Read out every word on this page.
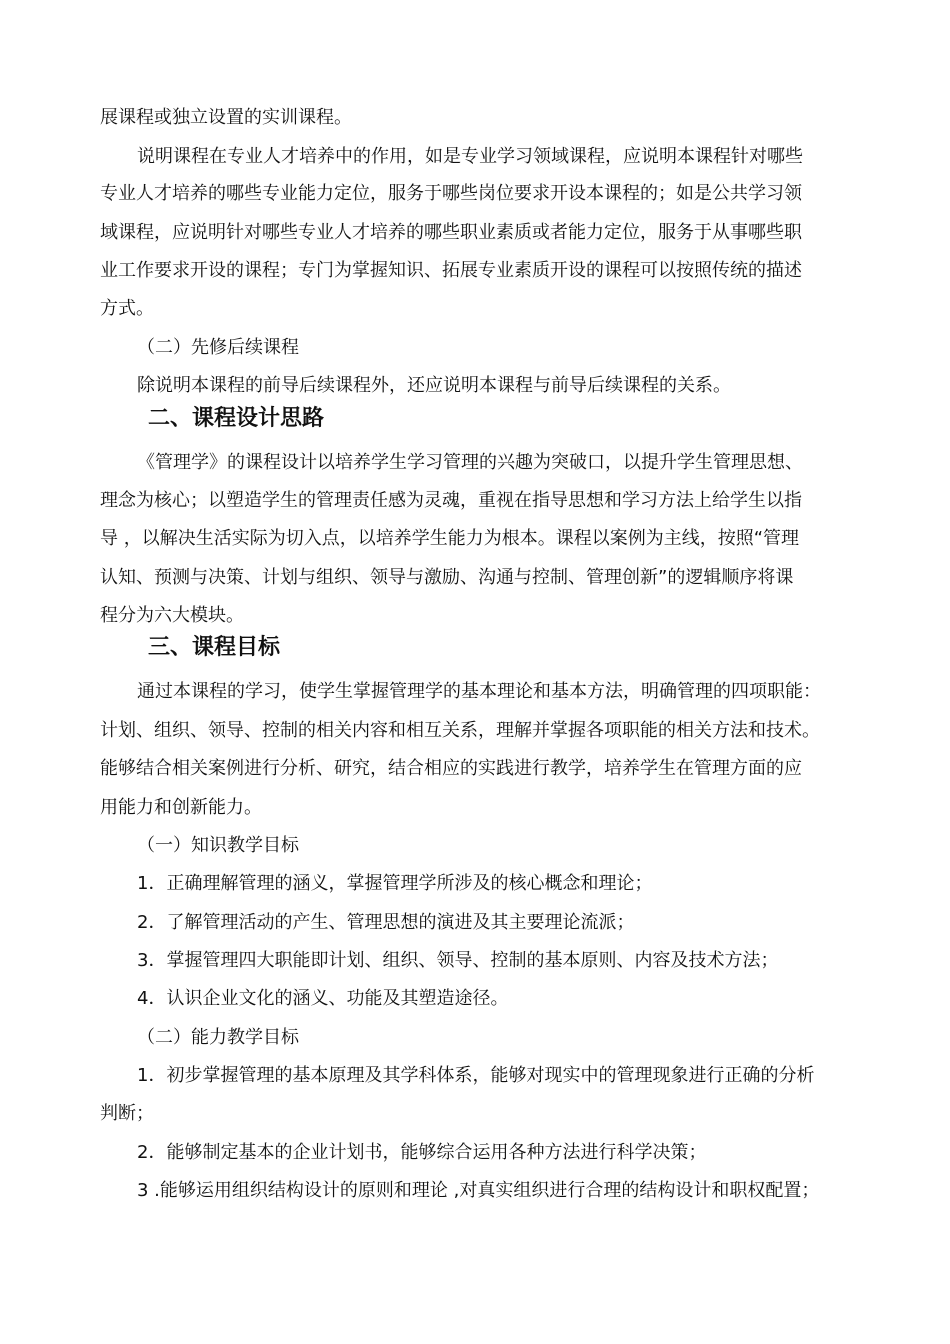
展课程或独立设置的实训课程。
说明课程在专业人才培养中的作用，如是专业学习领域课程，应说明本课程针对哪些
专业人才培养的哪些专业能力定位，服务于哪些岗位要求开设本课程的；如是公共学习领
域课程，应说明针对哪些专业人才培养的哪些职业素质或者能力定位，服务于从事哪些职
业工作要求开设的课程；专门为掌握知识、拓展专业素质开设的课程可以按照传统的描述
方式。
（二）先修后续课程
除说明本课程的前导后续课程外，还应说明本课程与前导后续课程的关系。
二、课程设计思路
《管理学》的课程设计以培养学生学习管理的兴趣为突破口，以提升学生管理思想、
理念为核心；以塑造学生的管理责任感为灵魂，重视在指导思想和学习方法上给学生以指
导 ，以解决生活实际为切入点，以培养学生能力为根本。课程以案例为主线，按照“管理
认知、预测与决策、计划与组织、领导与激励、沟通与控制、管理创新”的逻辑顺序将课
程分为六大模块。
三、课程目标
通过本课程的学习，使学生掌握管理学的基本理论和基本方法，明确管理的四项职能：
计划、组织、领导、控制的相关内容和相互关系，理解并掌握各项职能的相关方法和技术。
能够结合相关案例进行分析、研究，结合相应的实践进行教学，培养学生在管理方面的应
用能力和创新能力。
（一）知识教学目标
1．正确理解管理的涵义，掌握管理学所涉及的核心概念和理论；
2．了解管理活动的产生、管理思想的演进及其主要理论流派；
3．掌握管理四大职能即计划、组织、领导、控制的基本原则、内容及技术方法；
4．认识企业文化的涵义、功能及其塑造途径。
（二）能力教学目标
1．初步掌握管理的基本原理及其学科体系，能够对现实中的管理现象进行正确的分析
判断；
2．能够制定基本的企业计划书，能够综合运用各种方法进行科学决策；
3 .能够运用组织结构设计的原则和理论 ,对真实组织进行合理的结构设计和职权配置；
